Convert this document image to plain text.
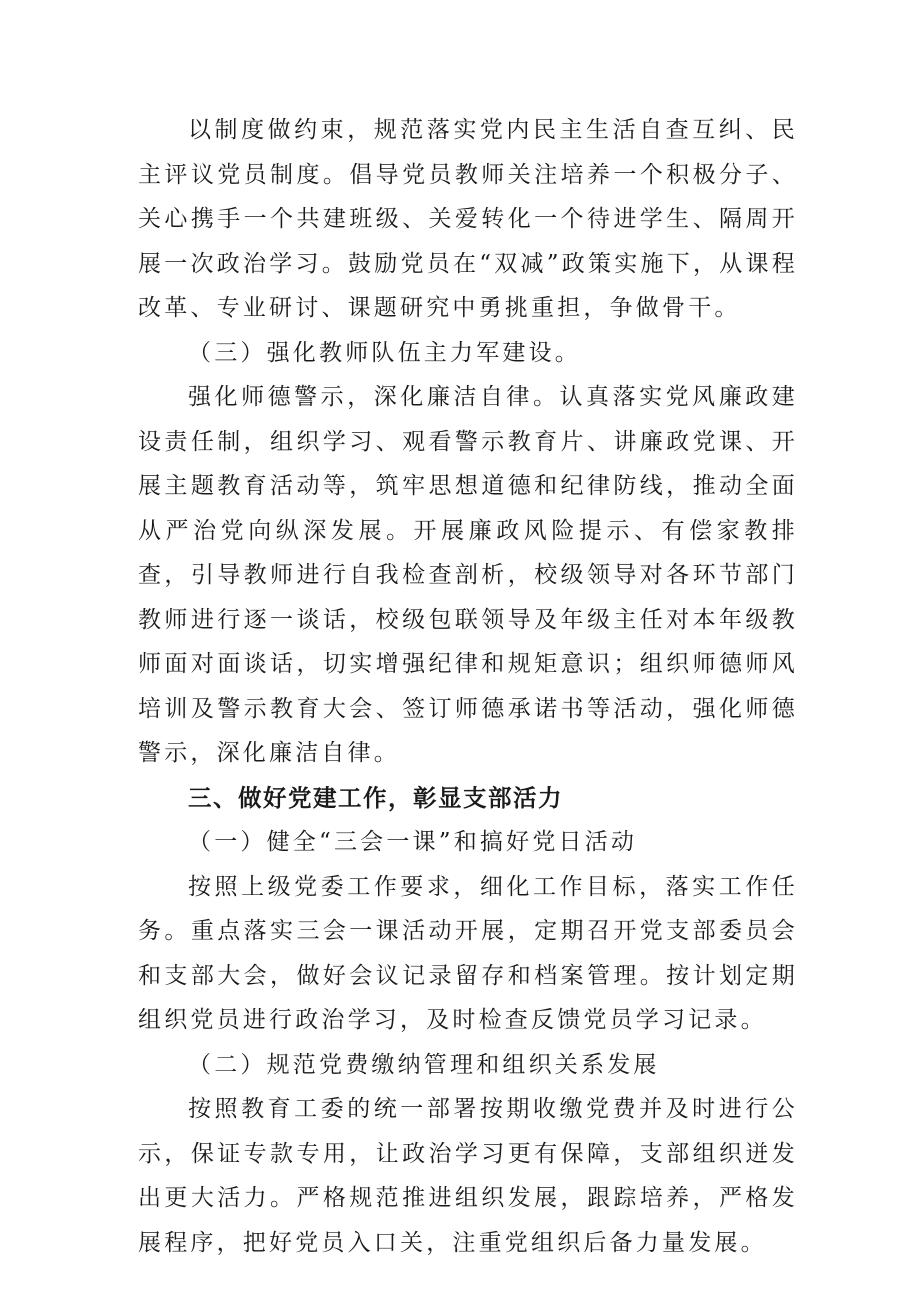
以制度做约束，规范落实党内民主生活自查互纠、民主评议党员制度。倡导党员教师关注培养一个积极分子、关心携手一个共建班级、关爱转化一个待进学生、隔周开展一次政治学习。鼓励党员在“双减”政策实施下，从课程改革、专业研讨、课题研究中勇挑重担，争做骨干。

（三）强化教师队伍主力军建设。

强化师德警示，深化廉洁自律。认真落实党风廉政建设责任制，组织学习、观看警示教育片、讲廉政党课、开展主题教育活动等，筑牢思想道德和纪律防线，推动全面从严治党向纵深发展。开展廉政风险提示、有偿家教排查，引导教师进行自我检查剖析，校级领导对各环节部门教师进行逐一谈话，校级包联领导及年级主任对本年级教师面对面谈话，切实增强纪律和规矩意识；组织师德师风培训及警示教育大会、签订师德承诺书等活动，强化师德警示，深化廉洁自律。

三、做好党建工作，彰显支部活力

（一）健全“三会一课”和搞好党日活动

按照上级党委工作要求，细化工作目标，落实工作任务。重点落实三会一课活动开展，定期召开党支部委员会和支部大会，做好会议记录留存和档案管理。按计划定期组织党员进行政治学习，及时检查反馈党员学习记录。

（二）规范党费缴纳管理和组织关系发展

按照教育工委的统一部署按期收缴党费并及时进行公示，保证专款专用，让政治学习更有保障，支部组织迸发出更大活力。严格规范推进组织发展，跟踪培养，严格发展程序，把好党员入口关，注重党组织后备力量发展。
